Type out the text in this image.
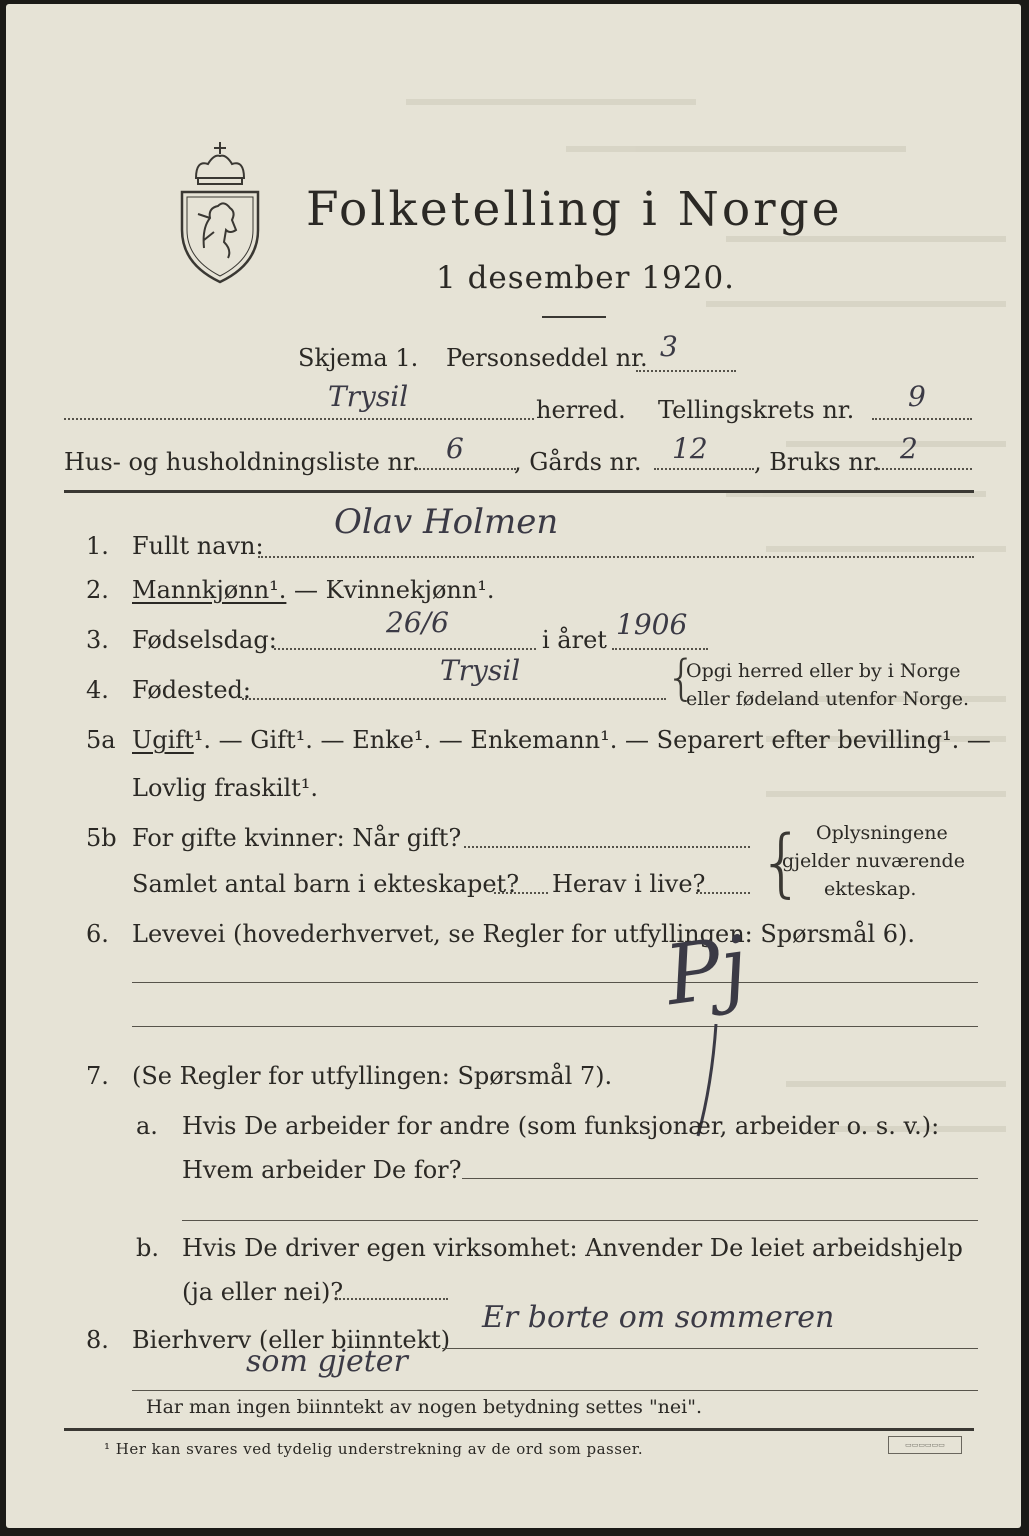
Folketelling i Norge
1 desember 1920.
Skjema 1. Personseddel nr. 3
Trysil	herred. Tellingskrets nr. 9
Hus- og husholdningsliste nr. 6 , Gårds nr. 12 , Bruks nr. 2
1. Fullt navn:
Olav Holmen
2. Mannkjønn¹. — Kvinnekjønn¹.
3. Fødselsdag:
26/6
i året 1906
4. Fødested:
Trysil	{
Opgi herred eller by i Norge
eller fødeland utenfor Norge.
5a Ugift¹. — Gift¹. — Enke¹. — Enkemann¹. — Separert efter bevilling¹. —
Lovlig fraskilt¹.
5b For gifte kvinner: Når gift?
Samlet antal barn i ekteskapet? Herav i live? { Oplysningene
gjelder nuværende
ekteskap.
6. Levevei (hovederhvervet, se Regler for utfyllingen: Spørsmål 6).
Pj
7. (Se Regler for utfyllingen: Spørsmål 7).
a. Hvis De arbeider for andre (som funksjonær, arbeider o. s. v.):
Hvem arbeider De for?
b. Hvis De driver egen virksomhet: Anvender De leiet arbeidshjelp
(ja eller nei)?
8. Bierhverv (eller biinntekt)
Er borte om sommeren
som gjeter
Har man ingen biinntekt av nogen betydning settes "nei".
¹ Her kan svares ved tydelig understrekning av de ord som passer.	▭▭▭▭▭▭
